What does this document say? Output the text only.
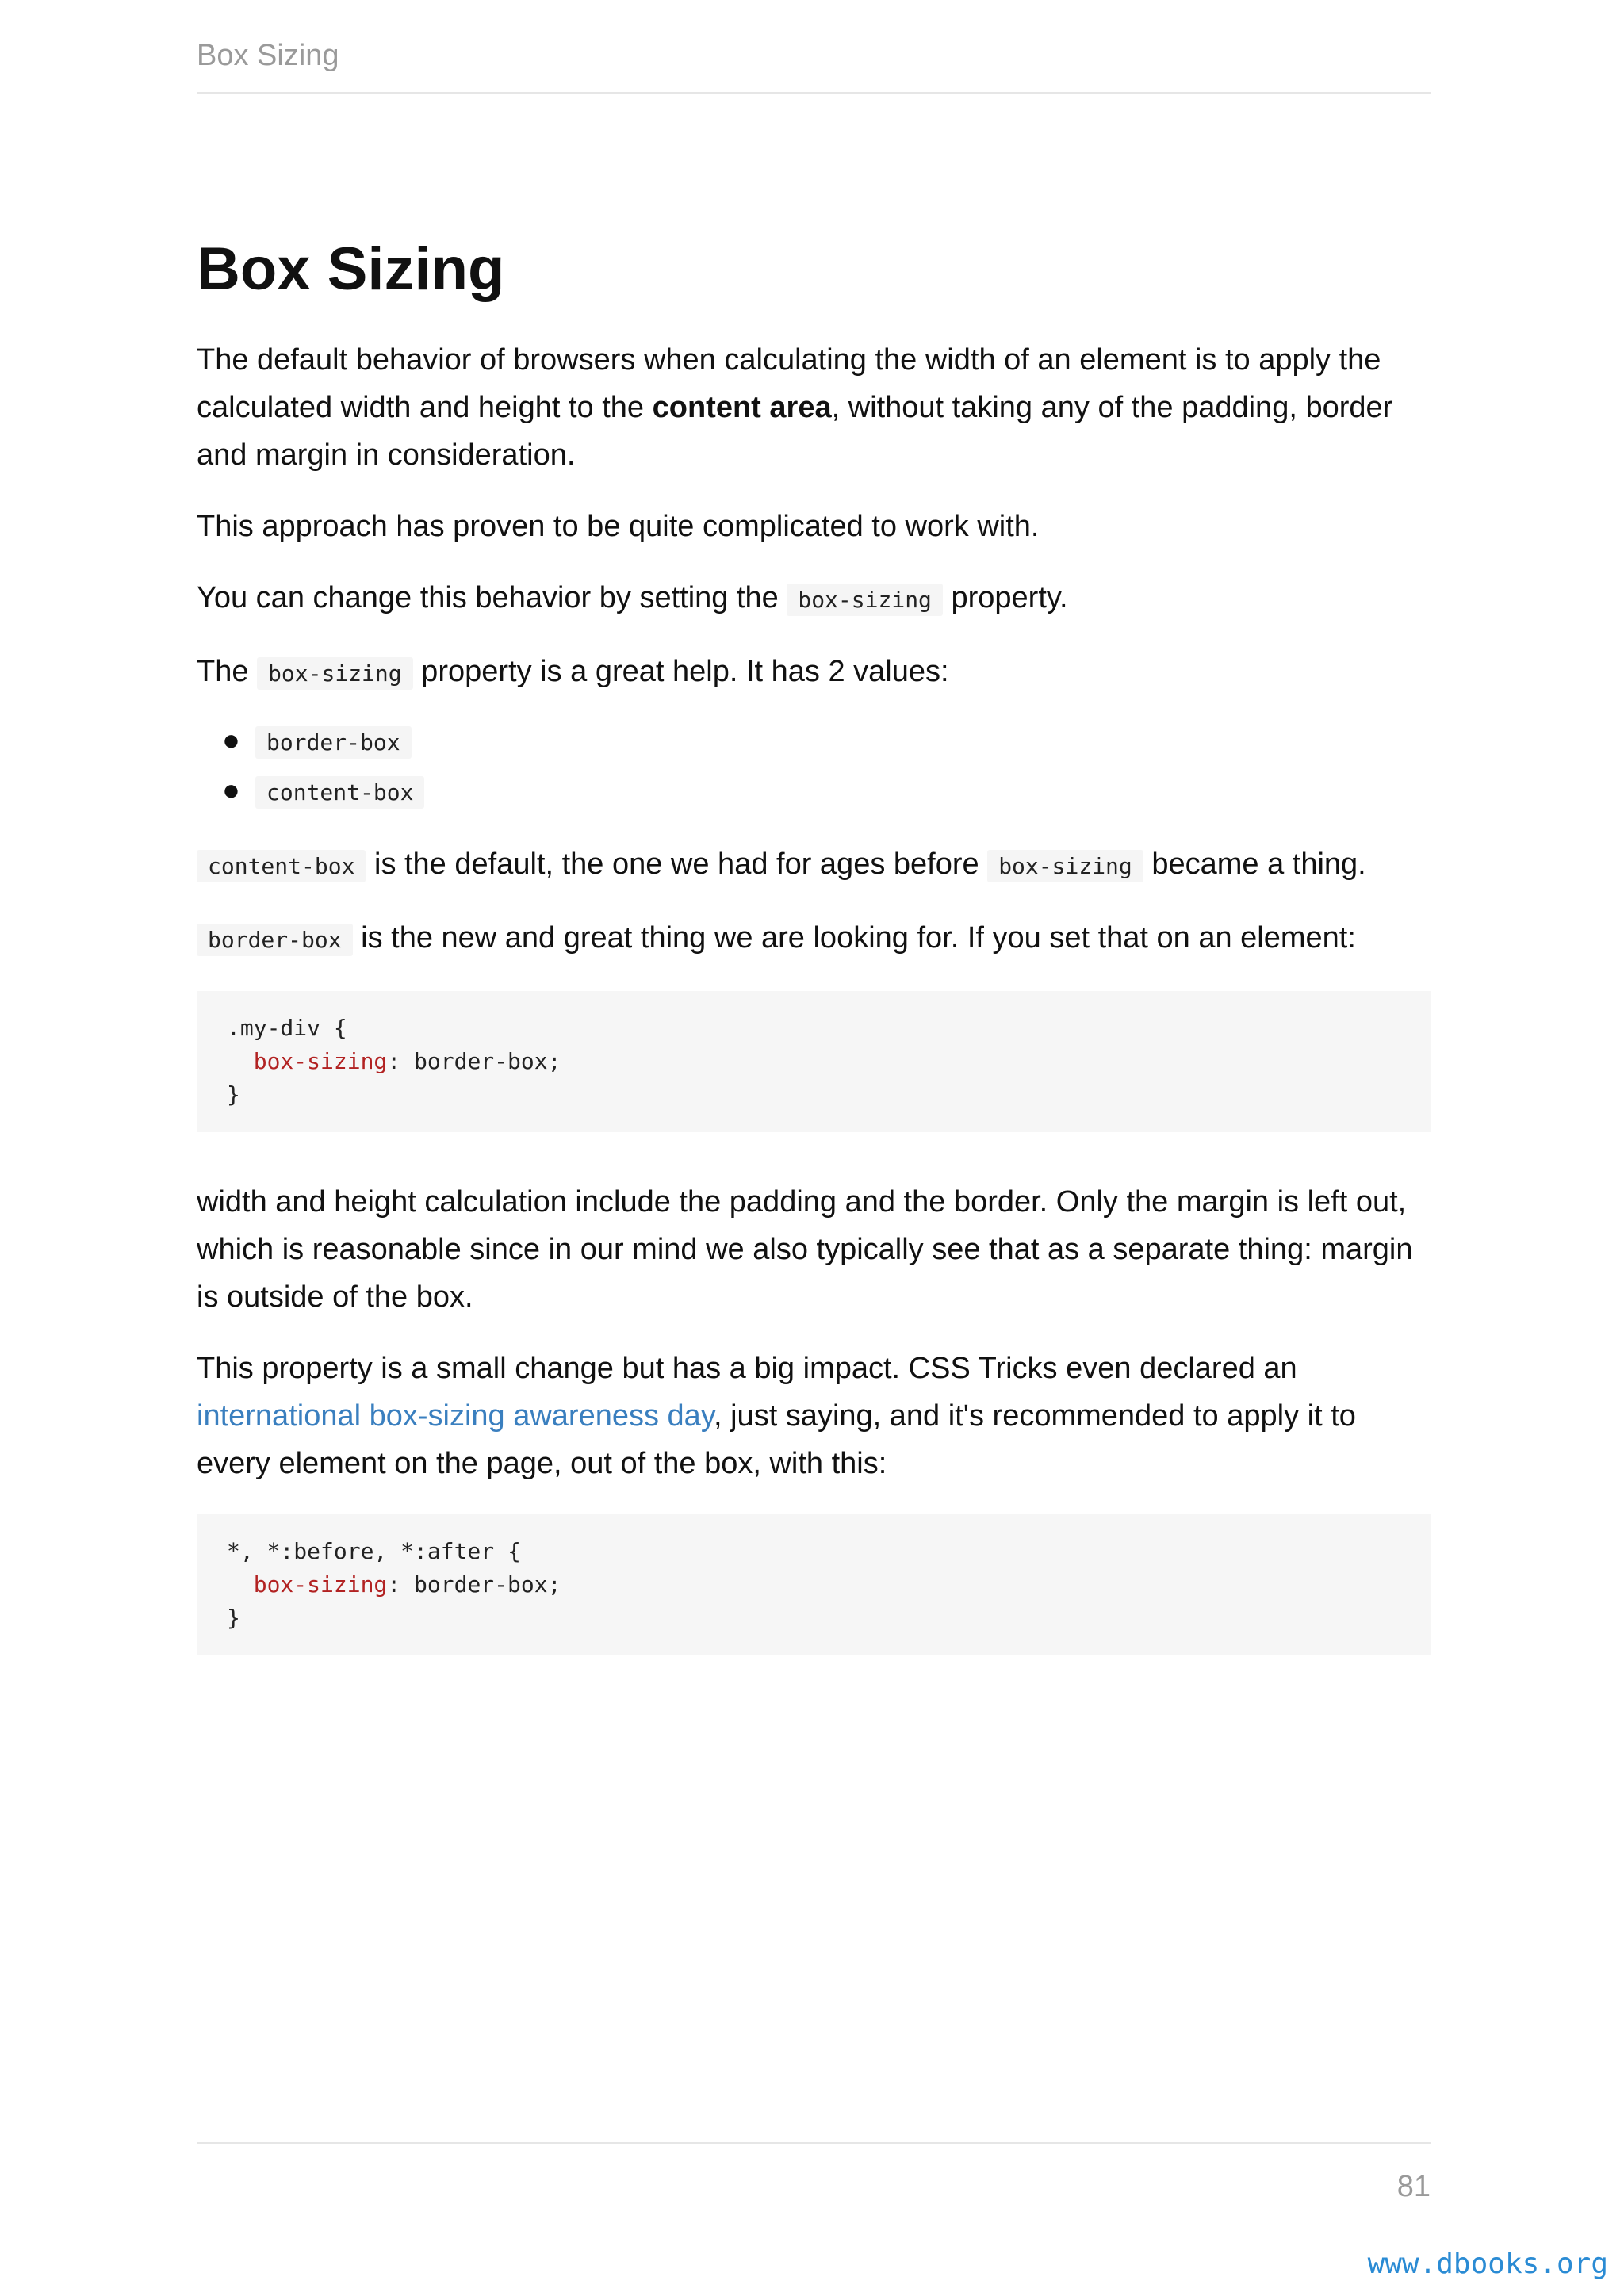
Box Sizing
Box Sizing

The default behavior of browsers when calculating the width of an element is to apply the calculated width and height to the content area, without taking any of the padding, border and margin in consideration.

This approach has proven to be quite complicated to work with.

You can change this behavior by setting the box-sizing property.

The box-sizing property is a great help. It has 2 values:

● border-box
● content-box

content-box is the default, the one we had for ages before box-sizing became a thing.

border-box is the new and great thing we are looking for. If you set that on an element:

.my-div {
box-sizing: border-box;
}

width and height calculation include the padding and the border. Only the margin is left out, which is reasonable since in our mind we also typically see that as a separate thing: margin is outside of the box.

This property is a small change but has a big impact. CSS Tricks even declared an international box-sizing awareness day, just saying, and it's recommended to apply it to every element on the page, out of the box, with this:

*, *:before, *:after {
box-sizing: border-box;
}
81
www.dbooks.org
